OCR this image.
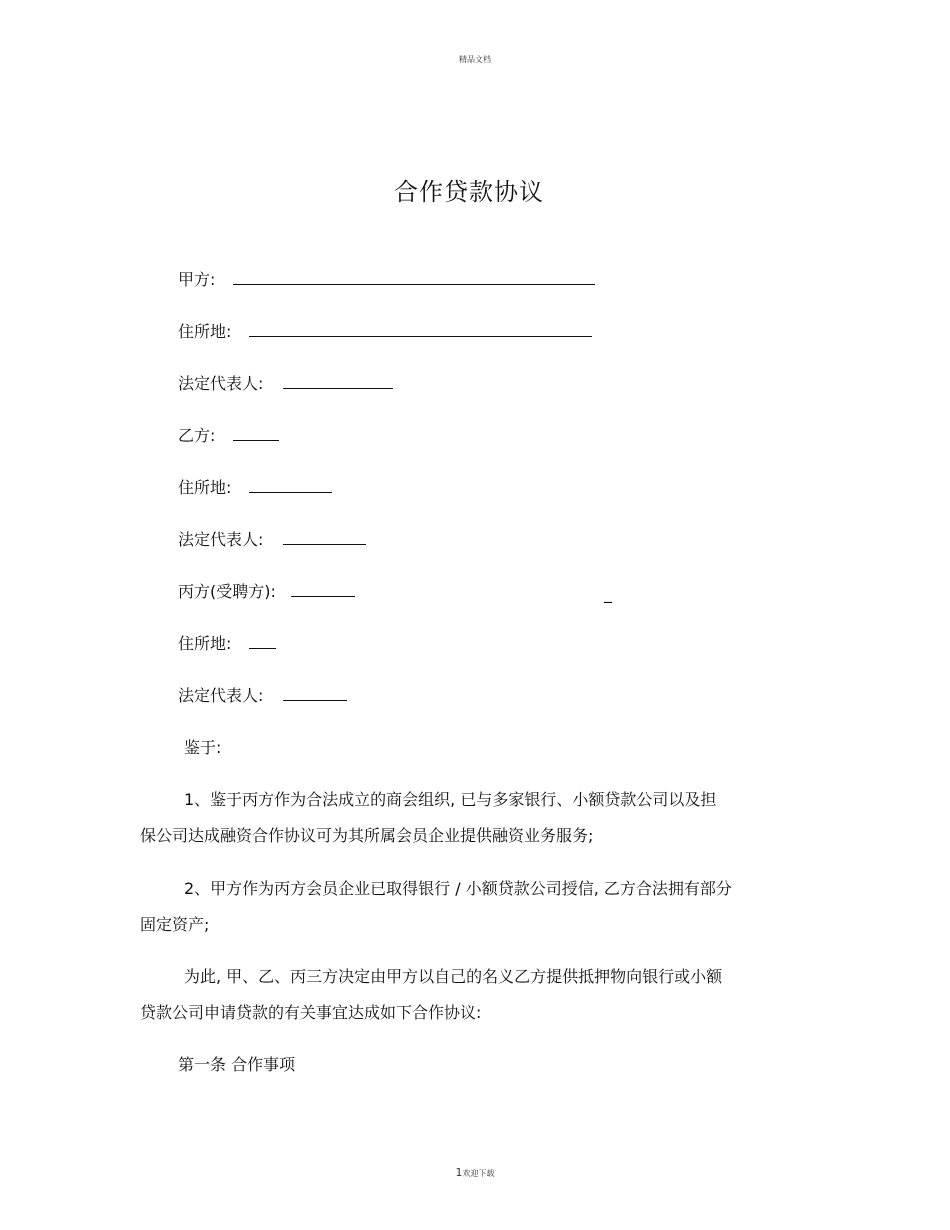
精品文档
合作贷款协议
甲方:
住所地:
法定代表人:
乙方:
住所地:
法定代表人:
丙方(受聘方):	_
住所地:
法定代表人:
鉴于:
1、鉴于丙方作为合法成立的商会组织, 已与多家银行、小额贷款公司以及担
保公司达成融资合作协议可为其所属会员企业提供融资业务服务;
2、甲方作为丙方会员企业已取得银行 / 小额贷款公司授信, 乙方合法拥有部分
固定资产;
为此, 甲、乙、丙三方决定由甲方以自己的名义乙方提供抵押物向银行或小额
贷款公司申请贷款的有关事宜达成如下合作协议:
第一条 合作事项
1欢迎下载
